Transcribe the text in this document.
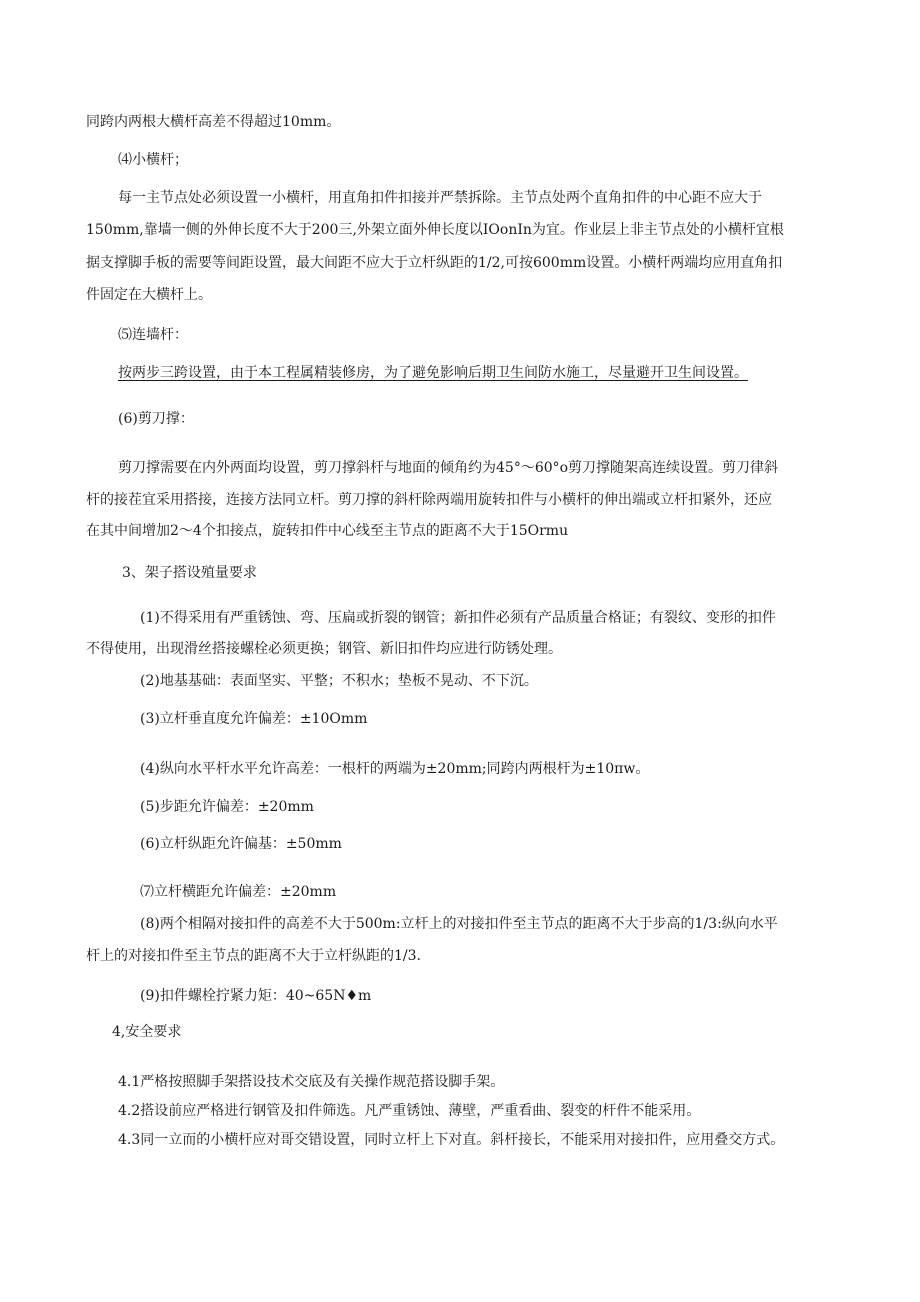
同跨内两根大横杆高差不得超过10mm。
⑷小横杆；
每一主节点处必须设置一小横杆，用直角扣件扣接并严禁拆除。主节点处两个直角扣件的中心距不应大于
150mm,靠墙一侧的外伸长度不大于200三,外架立面外伸长度以IOonIn为宜。作业层上非主节点处的小横杆宜根
据支撑脚手板的需要等间距设置，最大间距不应大于立杆纵距的1/2,可按600mm设置。小横杆两端均应用直角扣
件固定在大横杆上。
⑸连墙杆：
按两步三跨设置，由于本工程属精装修房，为了避免影响后期卫生间防水施工，尽量避开卫生间设置。
(6)剪刀撑：
剪刀撑需要在内外两面均设置，剪刀撑斜杆与地面的倾角约为45°〜60°o剪刀撑随架高连续设置。剪刀律斜
杆的接茬宜采用搭接，连接方法同立杆。剪刀撑的斜杆除两端用旋转扣件与小横杆的伸出端或立杆扣紧外，还应
在其中间增加2〜4个扣接点，旋转扣件中心线至主节点的距离不大于15Ormu
3、架子搭设殖量要求
(1)不得采用有严重锈蚀、弯、压扁或折裂的钢管；新扣件必须有产品质量合格证；有裂纹、变形的扣件
不得使用，出现滑丝搭接螺栓必须更换；钢管、新旧扣件均应进行防锈处理。
(2)地基基础：表面坚实、平整；不积水；垫板不晃动、不下沉。
(3)立杆垂直度允许偏差：±10Omm
(4)纵向水平杆水平允许高差：一根杆的两端为±20mm;同跨内两根杆为±10πw。
(5)步距允许偏差：±20mm
(6)立杆纵距允许偏基：±50mm
⑺立杆横距允许偏差：±20mm
(8)两个相隔对接扣件的高差不大于500m:立杆上的对接扣件至主节点的距离不大于步高的1/3:纵向水平
杆上的对接扣件至主节点的距离不大于立杆纵距的1/3.
(9)扣件螺栓拧紧力矩：40~65N♦m
4,安全要求
4.1严格按照脚手架搭设技术交底及有关操作规范搭设脚手架。
4.2搭设前应严格进行钢管及扣件筛选。凡严重锈蚀、薄壁，严重看曲、裂变的杆件不能采用。
4.3同一立而的小横杆应对哥交错设置，同时立杆上下对直。斜杆接长，不能采用对接扣件，应用叠交方式。
